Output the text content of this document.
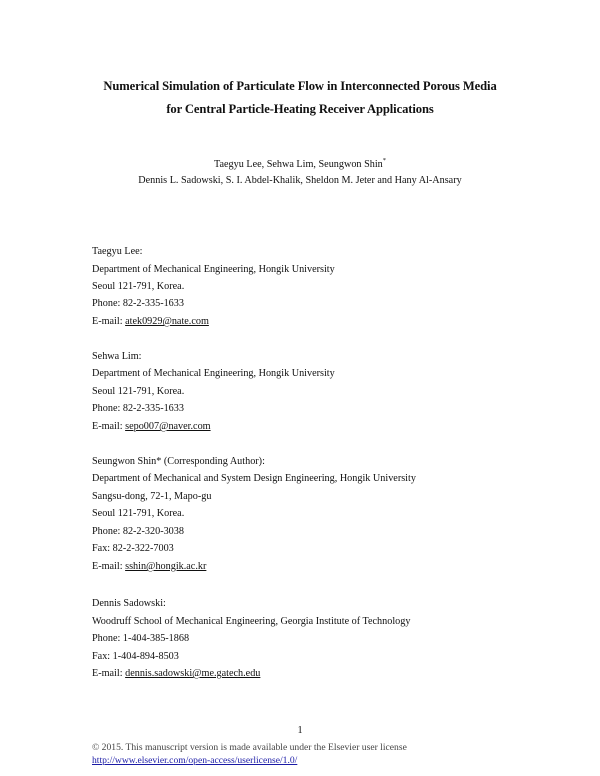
Numerical Simulation of Particulate Flow in Interconnected Porous Media
for Central Particle-Heating Receiver Applications
Taegyu Lee, Sehwa Lim, Seungwon Shin*
Dennis L. Sadowski, S. I. Abdel-Khalik, Sheldon M. Jeter and Hany Al-Ansary
Taegyu Lee:
Department of Mechanical Engineering, Hongik University
Seoul 121-791, Korea.
Phone: 82-2-335-1633
E-mail: atek0929@nate.com
Sehwa Lim:
Department of Mechanical Engineering, Hongik University
Seoul 121-791, Korea.
Phone: 82-2-335-1633
E-mail: sepo007@naver.com
Seungwon Shin* (Corresponding Author):
Department of Mechanical and System Design Engineering, Hongik University
Sangsu-dong, 72-1, Mapo-gu
Seoul 121-791, Korea.
Phone: 82-2-320-3038
Fax: 82-2-322-7003
E-mail: sshin@hongik.ac.kr
Dennis Sadowski:
Woodruff School of Mechanical Engineering, Georgia Institute of Technology
Phone: 1-404-385-1868
Fax: 1-404-894-8503
E-mail: dennis.sadowski@me.gatech.edu
1
© 2015. This manuscript version is made available under the Elsevier user license
http://www.elsevier.com/open-access/userlicense/1.0/
